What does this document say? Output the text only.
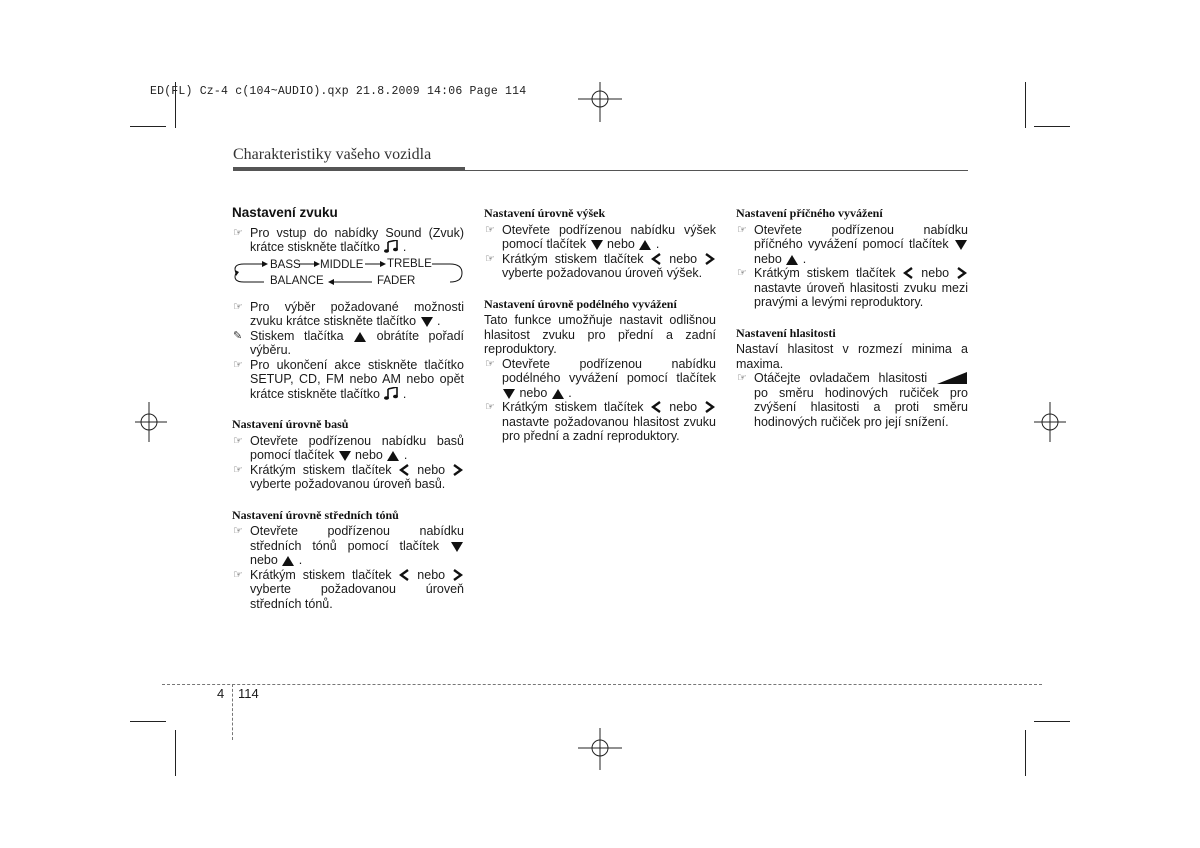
ED(FL) Cz-4 c(104~AUDIO).qxp 21.8.2009 14:06 Page 114
Charakteristiky vašeho vozidla
Nastavení zvuku
☞ Pro vstup do nabídky Sound (Zvuk) krátce stiskněte tlačítko .
BASS MIDDLE TREBLE
BALANCE	FADER
☞ Pro výběr požadované možnosti zvuku krátce stiskněte tlačítko .
✎ Stiskem tlačítka	obrátíte pořadí výběru.
☞ Pro ukončení akce stiskněte tlačítko SETUP, CD, FM nebo AM nebo opět krátce stiskněte tlačítko .
Nastavení úrovně basů
☞ Otevřete podřízenou nabídku basů pomocí tlačítek nebo .
☞ Krátkým stiskem tlačítek nebo  vyberte požadovanou úroveň basů.
Nastavení úrovně středních tónů
☞ Otevřete podřízenou nabídku středních tónů pomocí tlačítek  nebo .
☞ Krátkým stiskem tlačítek nebo  vyberte požadovanou úroveň středních tónů.
Nastavení úrovně výšek
☞ Otevřete podřízenou nabídku výšek pomocí tlačítek nebo .
☞ Krátkým stiskem tlačítek nebo  vyberte požadovanou úroveň výšek.
Nastavení úrovně podélného vyvážení
Tato funkce umožňuje nastavit odlišnou hlasitost zvuku pro přední a zadní reproduktory.
☞ Otevřete podřízenou nabídku podélného vyvážení pomocí tlačítek  nebo .
☞ Krátkým stiskem tlačítek nebo  nastavte požadovanou hlasitost zvuku pro přední a zadní reproduktory.
Nastavení příčného vyvážení
☞ Otevřete podřízenou nabídku příčného vyvážení pomocí tlačítek  nebo .
☞ Krátkým stiskem tlačítek nebo  nastavte úroveň hlasitosti zvuku mezi pravými a levými reproduktory.
Nastavení hlasitosti
Nastaví hlasitost v rozmezí minima a maxima.
☞ Otáčejte ovladačem hlasitosti  po směru hodinových ručiček pro zvýšení hlasitosti a proti směru hodinových ručiček pro její snížení.
4 114
